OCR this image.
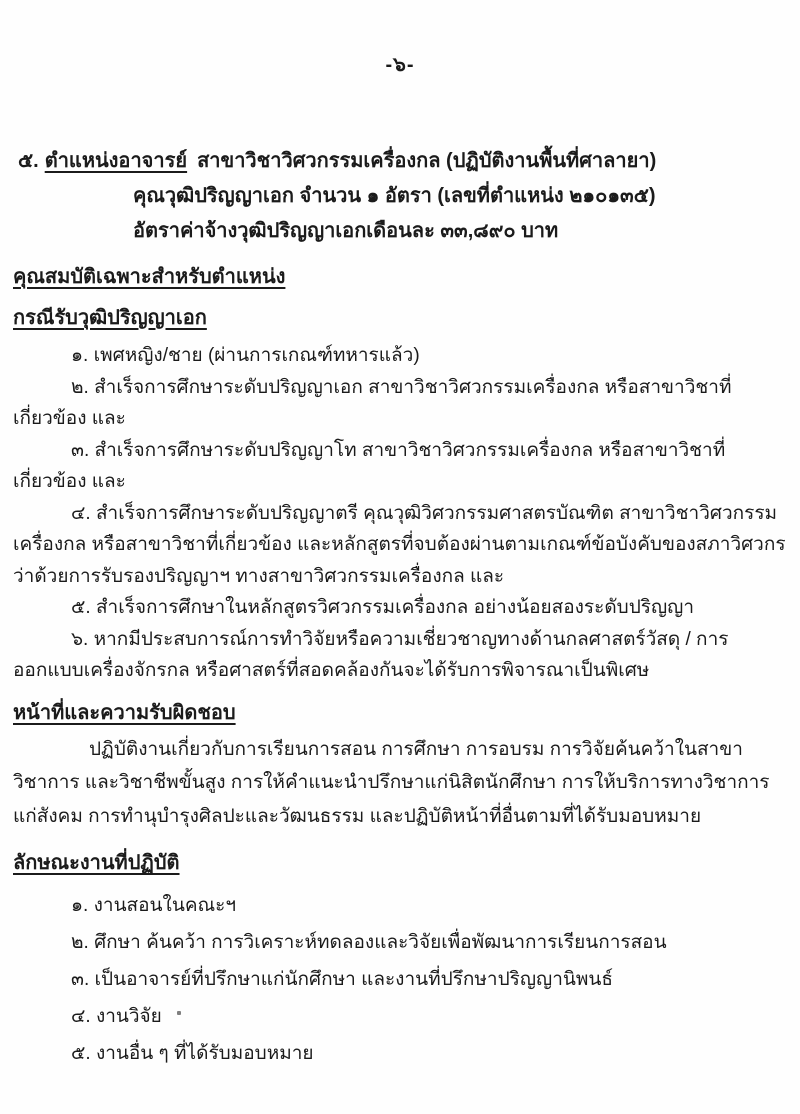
-๖-
๕. ตำแหน่งอาจารย์ สาขาวิชาวิศวกรรมเครื่องกล (ปฏิบัติงานพื้นที่ศาลายา)
คุณวุฒิปริญญาเอก จำนวน ๑ อัตรา (เลขที่ตำแหน่ง ๒๑๐๑๓๕)
อัตราค่าจ้างวุฒิปริญญาเอกเดือนละ ๓๓,๘๙๐ บาท
คุณสมบัติเฉพาะสำหรับตำแหน่ง
กรณีรับวุฒิปริญญาเอก

๑. เพศหญิง/ชาย (ผ่านการเกณฑ์ทหารแล้ว)

๒. สำเร็จการศึกษาระดับปริญญาเอก สาขาวิชาวิศวกรรมเครื่องกล หรือสาขาวิชาที่เกี่ยวข้อง และ

๓. สำเร็จการศึกษาระดับปริญญาโท สาขาวิชาวิศวกรรมเครื่องกล หรือสาขาวิชาที่เกี่ยวข้อง และ

๔. สำเร็จการศึกษาระดับปริญญาตรี คุณวุฒิวิศวกรรมศาสตรบัณฑิต สาขาวิชาวิศวกรรมเครื่องกล หรือสาขาวิชาที่เกี่ยวข้อง และหลักสูตรที่จบต้องผ่านตามเกณฑ์ข้อบังคับของสภาวิศวกรว่าด้วยการรับรองปริญญาฯ ทางสาขาวิศวกรรมเครื่องกล และ

๕. สำเร็จการศึกษาในหลักสูตรวิศวกรรมเครื่องกล อย่างน้อยสองระดับปริญญา

๖. หากมีประสบการณ์การทำวิจัยหรือความเชี่ยวชาญทางด้านกลศาสตร์วัสดุ / การออกแบบเครื่องจักรกล หรือศาสตร์ที่สอดคล้องกันจะได้รับการพิจารณาเป็นพิเศษ

หน้าที่และความรับผิดชอบ

ปฏิบัติงานเกี่ยวกับการเรียนการสอน การศึกษา การอบรม การวิจัยค้นคว้าในสาขาวิชาการ และวิชาชีพขั้นสูง การให้คำแนะนำปรึกษาแก่นิสิตนักศึกษา การให้บริการทางวิชาการแก่สังคม การทำนุบำรุงศิลปะและวัฒนธรรม และปฏิบัติหน้าที่อื่นตามที่ได้รับมอบหมาย

ลักษณะงานที่ปฏิบัติ

๑. งานสอนในคณะฯ

๒. ศึกษา ค้นคว้า การวิเคราะห์ทดลองและวิจัยเพื่อพัฒนาการเรียนการสอน

๓. เป็นอาจารย์ที่ปรึกษาแก่นักศึกษา และงานที่ปรึกษาปริญญานิพนธ์

๔. งานวิจัย

๕. งานอื่น ๆ ที่ได้รับมอบหมาย
